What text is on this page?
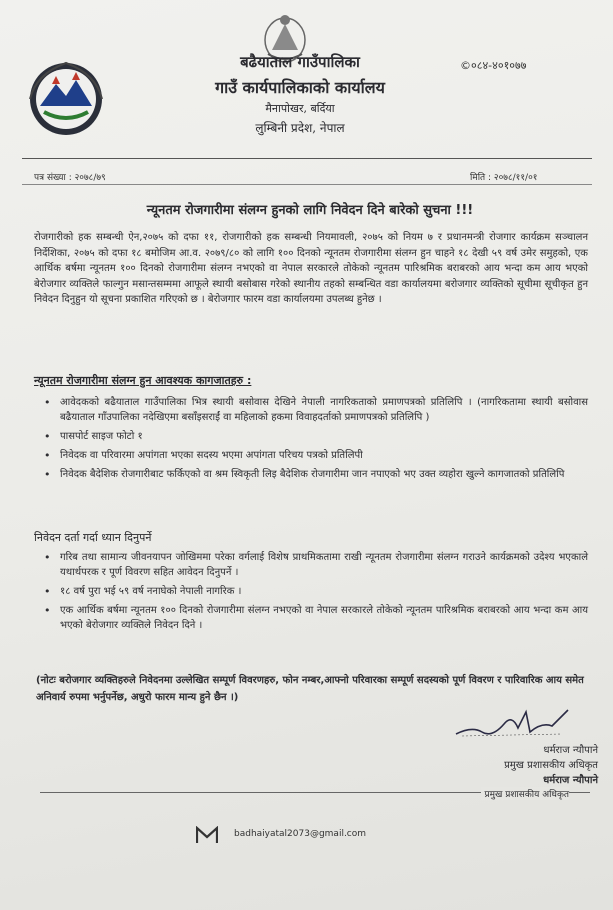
बढैयाताल गाउँपालिका
गाउँ कार्यपालिकाको कार्यालय
मैनापोखर, बर्दिया
लुम्बिनी प्रदेश, नेपाल
©०८४-४०१०७७
पत्र संख्या : २०७८/७९	मिति : २०७८/११/०१
न्यूनतम रोजगारीमा संलग्न हुनको लागि निवेदन दिने बारेको सुचना !!!
रोजगारीको हक सम्बन्धी ऐन,२०७५ को दफा ११, रोजगारीको हक सम्बन्धी नियमावली, २०७५ को नियम ७ र प्रधानमन्त्री रोजगार कार्यक्रम सञ्चालन निर्देशिका, २०७५ को दफा १८ बमोजिम आ.व. २०७९/८० को लागि १०० दिनको न्यूनतम रोजगारीमा संलग्न हुन चाहने १८ देखी ५९ वर्ष उमेर समुहको, एक आर्थिक बर्षमा न्यूनतम १०० दिनको रोजगारीमा संलग्न नभएको वा नेपाल सरकारले तोकेको न्यूनतम पारिश्रमिक बराबरको आय भन्दा कम आय भएको बेरोजगार व्यक्तिले फाल्गुन मसान्तसम्ममा आफूले स्थायी बसोबास गरेको स्थानीय तहको सम्बन्धित वडा कार्यालयमा बरोजगार व्यक्तिको सूचीमा सूचीकृत हुन निवेदन दिनुहुन यो सूचना प्रकाशित गरिएको छ । बेरोजगार फारम वडा कार्यालयमा उपलब्ध हुनेछ ।
न्यूनतम रोजगारीमा संलग्न हुन आवश्यक कागजातहरु :
• आवेदकको बढैयाताल गाउँपालिका भित्र स्थायी बसोवास देखिने नेपाली नागरिकताको प्रमाणपत्रको प्रतिलिपि । (नागरिकतामा स्थायी बसोवास बढैयाताल गाँउपालिका नदेखिएमा बसाँइसराईं वा महिलाको हकमा विवाहदर्ताको प्रमाणपत्रको प्रतिलिपि )
• पासपोर्ट साइज फोटो १
• निवेदक वा परिवारमा अपांगता भएका सदस्य भएमा अपांगता परिचय पत्रको प्रतिलिपी
• निवेदक बैदेशिक रोजगारीबाट फर्किएको वा श्रम स्विकृती लिइ बैदेशिक रोजगारीमा जान नपाएको भए उक्त व्यहोरा खुल्ने कागजातको प्रतिलिपि
निवेदन दर्ता गर्दा ध्यान दिनुपर्ने
• गरिब तथा सामान्य जीवनयापन जोखिममा परेका वर्गलाई विशेष प्राथमिकतामा राखी न्यूनतम रोजगारीमा संलग्न गराउने कार्यक्रमको उदेश्य भएकाले यथार्थपरक र पूर्ण विवरण सहित आवेदन दिनुपर्ने ।
• १८ वर्ष पुरा भई ५९ वर्ष ननाघेको नेपाली नागरिक ।
• एक आर्थिक बर्षमा न्यूनतम १०० दिनको रोजगारीमा संलग्न नभएको वा नेपाल सरकारले तोकेको न्यूनतम पारिश्रमिक बराबरको आय भन्दा कम आय भएको बेरोजगार व्यक्तिले निवेदन दिने ।
(नोटः बरोजगार व्यक्तिहरुले निवेदनमा उल्लेखित सम्पूर्ण विवरणहरु, फोन नम्बर,आफ्नो परिवारका सम्पूर्ण सदस्यको पूर्ण विवरण र पारिवारिक आय समेत अनिवार्य रुपमा भर्नुपर्नेछ, अधुरो फारम मान्य हुने छैन ।)
धर्मराज न्यौपाने
प्रमुख प्रशासकीय अधिकृत
धर्मराज न्यौपाने
प्रमुख प्रशासकीय अधिकृत
badhaiyatal2073@gmail.com
